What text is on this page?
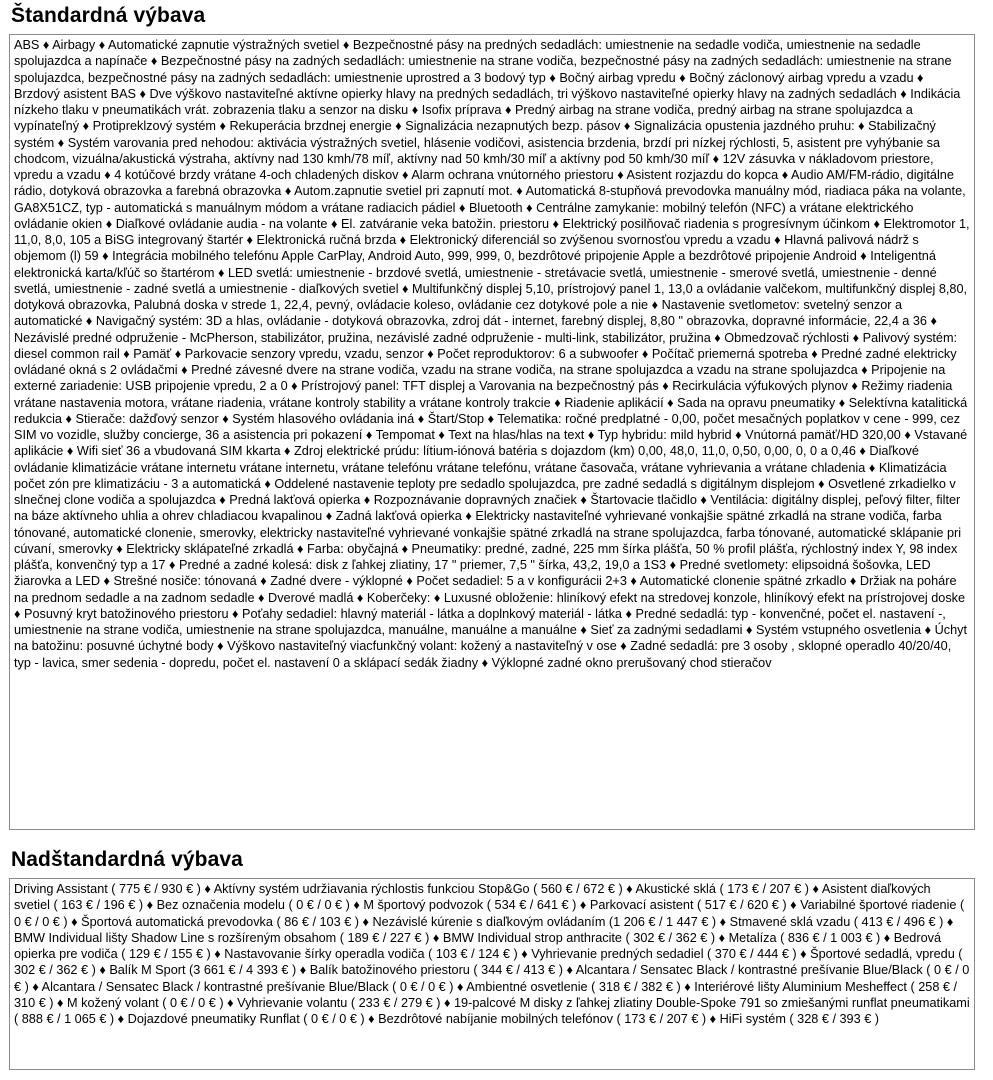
Štandardná výbava
ABS ♦ Airbagy ♦ Automatické zapnutie výstražných svetiel ♦ Bezpečnostné pásy na predných sedadlách: umiestnenie na sedadle vodiča, umiestnenie na sedadle spolujazdca a napínače ♦ Bezpečnostné pásy na zadných sedadlách: umiestnenie na strane vodiča, bezpečnostné pásy na zadných sedadlách: umiestnenie na strane spolujazdca, bezpečnostné pásy na zadných sedadlách: umiestnenie uprostred a 3 bodový typ ♦ Bočný airbag vpredu ♦ Bočný záclonový airbag vpredu a vzadu ♦ Brzdový asistent BAS ♦ Dve výškovo nastaviteľné aktívne opierky hlavy na predných sedadlách, tri výškovo nastaviteľné opierky hlavy na zadných sedadlách ♦ Indikácia nízkeho tlaku v pneumatikách vrát. zobrazenia tlaku a senzor na disku ♦ Isofix príprava ♦ Predný airbag na strane vodiča, predný airbag na strane spolujazdca a vypínateľný ♦ Protipreklzový systém ♦ Rekuperácia brzdnej energie ♦ Signalizácia nezapnutých bezp. pásov ♦ Signalizácia opustenia jazdného pruhu: ♦ Stabilizačný systém ♦ Systém varovania pred nehodou: aktivácia výstražných svetiel, hlásenie vodičovi, asistencia brzdenia, brzdí pri nízkej rýchlosti, 5, asistent pre vyhýbanie sa chodcom, vizuálna/akustická výstraha, aktívny nad 130 kmh/78 míľ, aktívny nad 50 kmh/30 míľ a aktívny pod 50 kmh/30 míľ ♦ 12V zásuvka v nákladovom priestore, vpredu a vzadu ♦ 4 kotúčové brzdy vrátane 4-och chladených diskov ♦ Alarm ochrana vnútorného priestoru ♦ Asistent rozjazdu do kopca ♦ Audio AM/FM-rádio, digitálne rádio, dotyková obrazovka a farebná obrazovka ♦ Autom.zapnutie svetiel pri zapnutí mot. ♦ Automatická 8-stupňová prevodovka manuálny mód, riadiaca páka na volante, GA8X51CZ, typ - automatická s manuálnym módom a vrátane radiacich pádiel ♦ Bluetooth ♦ Centrálne zamykanie: mobilný telefón (NFC) a vrátane elektrického ovládanie okien ♦ Diaľkové ovládanie audia - na volante ♦ El. zatváranie veka batožin. priestoru ♦ Elektrický posilňovač riadenia s progresívnym účinkom ♦ Elektromotor 1, 11,0, 8,0, 105 a BiSG integrovaný štartér ♦ Elektronická ručná brzda ♦ Elektronický diferenciál so zvýšenou svornosťou vpredu a vzadu ♦ Hlavná palivová nádrž s objemom (l) 59 ♦ Integrácia mobilného telefónu Apple CarPlay, Android Auto, 999, 999, 0, bezdrôtové pripojenie Apple a bezdrôtové pripojenie Android ♦ Inteligentná elektronická karta/kľúč so štartérom ♦ LED svetlá: umiestnenie - brzdové svetlá, umiestnenie - stretávacie svetlá, umiestnenie - smerové svetlá, umiestnenie - denné svetlá, umiestnenie - zadné svetlá a umiestnenie - diaľkových svetiel ♦ Multifunkčný displej 5,10, prístrojový panel 1, 13,0 a ovládanie valčekom, multifunkčný displej 8,80, dotyková obrazovka, Palubná doska v strede 1, 22,4, pevný, ovládacie koleso, ovládanie cez dotykové pole a nie ♦ Nastavenie svetlometov: svetelný senzor a automatické ♦ Navigačný systém: 3D a hlas, ovládanie - dotyková obrazovka, zdroj dát - internet, farebný displej, 8,80 " obrazovka, dopravné informácie, 22,4 a 36 ♦ Nezávislé predné odpruženie - McPherson, stabilizátor, pružina, nezávislé zadné odpruženie - multi-link, stabilizátor, pružina ♦ Obmedzovač rýchlosti ♦ Palivový systém: diesel common rail ♦ Pamäť ♦ Parkovacie senzory vpredu, vzadu, senzor ♦ Počet reproduktorov: 6 a subwoofer ♦ Počítač priemerná spotreba ♦ Predné zadné elektricky ovládané okná s 2 ovládačmi ♦ Predné závesné dvere na strane vodiča, vzadu na strane vodiča, na strane spolujazdca a vzadu na strane spolujazdca ♦ Pripojenie na externé zariadenie: USB pripojenie vpredu, 2 a 0 ♦ Prístrojový panel: TFT displej a Varovania na bezpečnostný pás ♦ Recirkulácia výfukových plynov ♦ Režimy riadenia vrátane nastavenia motora, vrátane riadenia, vrátane kontroly stability a vrátane kontroly trakcie ♦ Riadenie aplikácií ♦ Sada na opravu pneumatiky ♦ Selektívna katalitická redukcia ♦ Stierače: dažďový senzor ♦ Systém hlasového ovládania iná ♦ Štart/Stop ♦ Telematika: ročné predplatné - 0,00, počet mesačných poplatkov v cene - 999, cez SIM vo vozidle, služby concierge, 36 a asistencia pri pokazení ♦ Tempomat ♦ Text na hlas/hlas na text ♦ Typ hybridu: mild hybrid ♦ Vnútorná pamäť/HD 320,00 ♦ Vstavané aplikácie ♦ Wifi sieť 36 a vbudovaná SIM kkarta ♦ Zdroj elektrické prúdu: lítium-iónová batéria s dojazdom (km) 0,00, 48,0, 11,0, 0,50, 0,00, 0, 0 a 0,46 ♦ Diaľkové ovládanie klimatizácie vrátane internetu vrátane internetu, vrátane telefónu vrátane telefónu, vrátane časovača, vrátane vyhrievania a vrátane chladenia ♦ Klimatizácia počet zón pre klimatizáciu - 3 a automatická ♦ Oddelené nastavenie teploty pre sedadlo spolujazdca, pre zadné sedadlá s digitálnym displejom ♦ Osvetlené zrkadielko v slnečnej clone vodiča a spolujazdca ♦ Predná lakťová opierka ♦ Rozpoznávanie dopravných značiek ♦ Štartovacie tlačidlo ♦ Ventilácia: digitálny displej, peľový filter, filter na báze aktívneho uhlia a ohrev chladiacou kvapalinou ♦ Zadná lakťová opierka ♦ Elektricky nastaviteľné vyhrievané vonkajšie spätné zrkadlá na strane vodiča, farba tónované, automatické clonenie, smerovky, elektricky nastaviteľné vyhrievané vonkajšie spätné zrkadlá na strane spolujazdca, farba tónované, automatické sklápanie pri cúvaní, smerovky ♦ Elektricky sklápateľné zrkadlá ♦ Farba: obyčajná ♦ Pneumatiky: predné, zadné, 225 mm šírka plášťa, 50 % profil plášťa, rýchlostný index Y, 98 index plášťa, konvenčný typ a 17 ♦ Predné a zadné kolesá: disk z ľahkej zliatiny, 17 " priemer, 7,5 " šírka, 43,2, 19,0 a 1S3 ♦ Predné svetlomety: elipsoidná šošovka, LED žiarovka a LED ♦ Strešné nosiče: tónovaná ♦ Zadné dvere - výklopné ♦ Počet sedadiel: 5 a v konfigurácii 2+3 ♦ Automatické clonenie spätné zrkadlo ♦ Držiak na poháre na prednom sedadle a na zadnom sedadle ♦ Dverové madlá ♦ Koberčeky: ♦ Luxusné obloženie: hliníkový efekt na stredovej konzole, hliníkový efekt na prístrojovej doske ♦ Posuvný kryt batožinového priestoru ♦ Poťahy sedadiel: hlavný materiál - látka a doplnkový materiál - látka ♦ Predné sedadlá: typ - konvenčné, počet el. nastavení -, umiestnenie na strane vodiča, umiestnenie na strane spolujazdca, manuálne, manuálne a manuálne ♦ Sieť za zadnými sedadlami ♦ Systém vstupného osvetlenia ♦ Úchyt na batožinu: posuvné úchytné body ♦ Výškovo nastaviteľný viacfunkčný volant: kožený a nastaviteľný v ose ♦ Zadné sedadlá: pre 3 osoby , sklopné operadlo 40/20/40, typ - lavica, smer sedenia - dopredu, počet el. nastavení 0 a sklápací sedák žiadny ♦ Výklopné zadné okno prerušovaný chod stieračov
Nadštandardná výbava
Driving Assistant ( 775 € / 930 € ) ♦ Aktívny systém udržiavania rýchlostis funkciou Stop&Go ( 560 € / 672 € ) ♦ Akustické sklá ( 173 € / 207 € ) ♦ Asistent diaľkových svetiel ( 163 € / 196 € ) ♦ Bez označenia modelu ( 0 € / 0 € ) ♦ M športový podvozok ( 534 € / 641 € ) ♦ Parkovací asistent ( 517 € / 620 € ) ♦ Variabilné športové riadenie ( 0 € / 0 € ) ♦ Športová automatická prevodovka ( 86 € / 103 € ) ♦ Nezávislé kúrenie s diaľkovým ovládaním (1 206 € / 1 447 € ) ♦ Stmavené sklá vzadu ( 413 € / 496 € ) ♦ BMW Individual lišty Shadow Line s rozšíreným obsahom ( 189 € / 227 € ) ♦ BMW Individual strop anthracite ( 302 € / 362 € ) ♦ Metalíza ( 836 € / 1 003 € ) ♦ Bedrová opierka pre vodiča ( 129 € / 155 € ) ♦ Nastavovanie šírky operadla vodiča ( 103 € / 124 € ) ♦ Vyhrievanie predných sedadiel ( 370 € / 444 € ) ♦ Športové sedadlá, vpredu ( 302 € / 362 € ) ♦ Balík M Sport (3 661 € / 4 393 € ) ♦ Balík batožinového priestoru ( 344 € / 413 € ) ♦ Alcantara / Sensatec Black / kontrastné prešívanie Blue/Black ( 0 € / 0 € ) ♦ Alcantara / Sensatec Black / kontrastné prešívanie Blue/Black ( 0 € / 0 € ) ♦ Ambientné osvetlenie ( 318 € / 382 € ) ♦ Interiérové lišty Aluminium Mesheffect ( 258 € / 310 € ) ♦ M kožený volant ( 0 € / 0 € ) ♦ Vyhrievanie volantu ( 233 € / 279 € ) ♦ 19-palcové M disky z ľahkej zliatiny Double-Spoke 791 so zmiešanými runflat pneumatikami ( 888 € / 1 065 € ) ♦ Dojazdové pneumatiky Runflat ( 0 € / 0 € ) ♦ Bezdrôtové nabíjanie mobilných telefónov ( 173 € / 207 € ) ♦ HiFi systém ( 328 € / 393 € )
